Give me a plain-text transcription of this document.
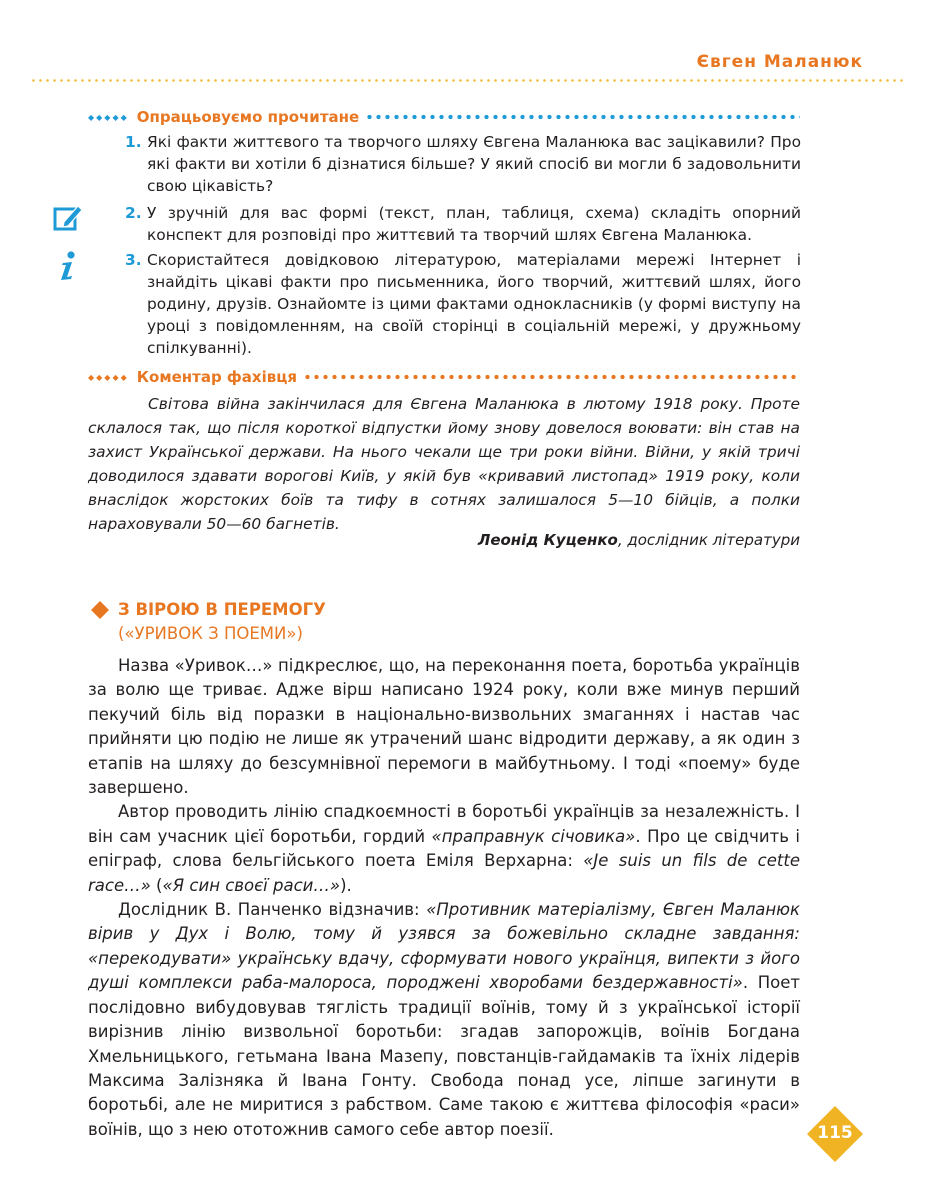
Євген Маланюк
◆◆◆◆◆ Опрацьовуємо прочитане
1. Які факти життєвого та творчого шляху Євгена Маланюка вас зацікавили? Про які факти ви хотіли б дізнатися більше? У який спосіб ви могли б задовольнити свою цікавість?
2. У зручній для вас формі (текст, план, таблиця, схема) складіть опорний конспект для розповіді про життєвий та творчий шлях Євгена Маланюка.
3. Скористайтеся довідковою літературою, матеріалами мережі Інтернет і знайдіть цікаві факти про письменника, його творчий, життєвий шлях, його родину, друзів. Ознайомте із цими фактами однокласників (у формі виступу на уроці з повідомленням, на своїй сторінці в соціальній мережі, у дружньому спілкуванні).
◆◆◆◆◆ Коментар фахівця
Світова війна закінчилася для Євгена Маланюка в лютому 1918 року. Проте склалося так, що після короткої відпустки йому знову довелося воювати: він став на захист Української держави. На нього чекали ще три роки війни. Війни, у якій тричі доводилося здавати ворогові Київ, у якій був «кривавий листопад» 1919 року, коли внаслідок жорстоких боїв та тифу в сотнях залишалося 5—10 бійців, а полки нараховували 50—60 багнетів.
Леонід Куценко, дослідник літератури
З ВІРОЮ В ПЕРЕМОГУ
(«УРИВОК З ПОЕМИ»)

Назва «Уривок…» підкреслює, що, на переконання поета, боротьба українців за волю ще триває. Адже вірш написано 1924 року, коли вже минув перший пекучий біль від поразки в національно-визвольних змаганнях і настав час прийняти цю подію не лише як утрачений шанс відродити державу, а як один з етапів на шляху до безсумнівної перемоги в майбутньому. І тоді «поему» буде завершено.

Автор проводить лінію спадкоємності в боротьбі українців за незалежність. І він сам учасник цієї боротьби, гордий «праправнук січовика». Про це свідчить і епіграф, слова бельгійського поета Еміля Верхарна: «Je suis un fils de cette race…» («Я син своєї раси…»).

Дослідник В. Панченко відзначив: «Противник матеріалізму, Євген Маланюк вірив у Дух і Волю, тому й узявся за божевільно складне завдання: «перекодувати» українську вдачу, сформувати нового українця, випекти з його душі комплекси раба-малороса, породжені хворобами бездержавності». Поет послідовно вибудовував тяглість традиції воїнів, тому й з української історії вирізнив лінію визвольної боротьби: згадав запорожців, воїнів Богдана Хмельницького, гетьмана Івана Мазепу, повстанців-гайдамаків та їхніх лідерів Максима Залізняка й Івана Гонту. Свобода понад усе, ліпше загинути в боротьбі, але не миритися з рабством. Саме такою є життєва філософія «раси» воїнів, що з нею ототожнив самого себе автор поезії.	115
